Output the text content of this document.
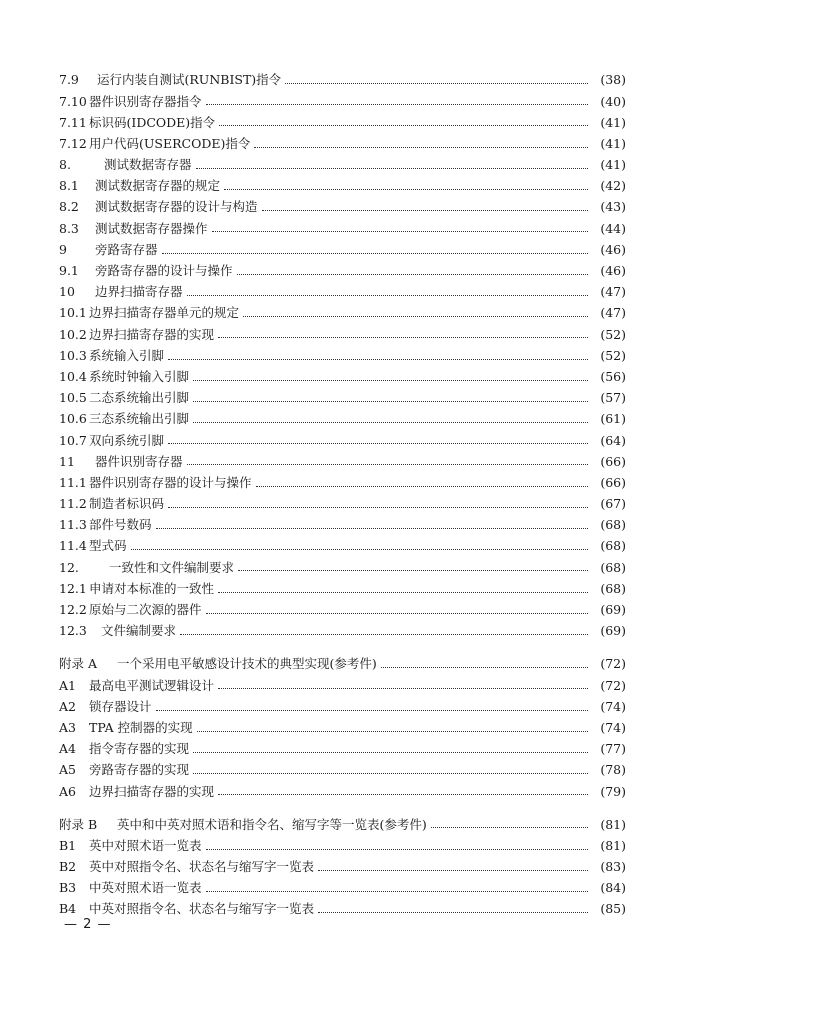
7.9	运行内装自测试(RUNBIST)指令	(38)
7.10 器件识别寄存器指令	(40)
7.11 标识码(IDCODE)指令	(41)
7.12 用户代码(USERCODE)指令	(41)
8.	测试数据寄存器	(41)
8.1	测试数据寄存器的规定	(42)
8.2	测试数据寄存器的设计与构造	(43)
8.3	测试数据寄存器操作	(44)
9	旁路寄存器	(46)
9.1	旁路寄存器的设计与操作	(46)
10	边界扫描寄存器	(47)
10.1 边界扫描寄存器单元的规定	(47)
10.2 边界扫描寄存器的实现	(52)
10.3 系统输入引脚	(52)
10.4 系统时钟输入引脚	(56)
10.5 二态系统输出引脚	(57)
10.6 三态系统输出引脚	(61)
10.7 双向系统引脚	(64)
11	器件识别寄存器	(66)
11.1 器件识别寄存器的设计与操作	(66)
11.2 制造者标识码	(67)
11.3 部件号数码	(68)
11.4 型式码	(68)
12.	一致性和文件编制要求	(68)
12.1 申请对本标准的一致性	(68)
12.2 原始与二次源的器件	(69)
12.3	文件编制要求	(69)
附录 A	一个采用电平敏感设计技术的典型实现(参考件)	(72)
A1	最高电平测试逻辑设计	(72)
A2	锁存器设计	(74)
A3	TPA 控制器的实现	(74)
A4	指令寄存器的实现	(77)
A5	旁路寄存器的实现	(78)
A6	边界扫描寄存器的实现	(79)
附录 B	英中和中英对照术语和指令名、缩写字等一览表(参考件)	(81)
B1	英中对照术语一览表	(81)
B2	英中对照指令名、状态名与缩写字一览表	(83)
B3	中英对照术语一览表	(84)
B4	中英对照指令名、状态名与缩写字一览表	(85)
— 2 —
